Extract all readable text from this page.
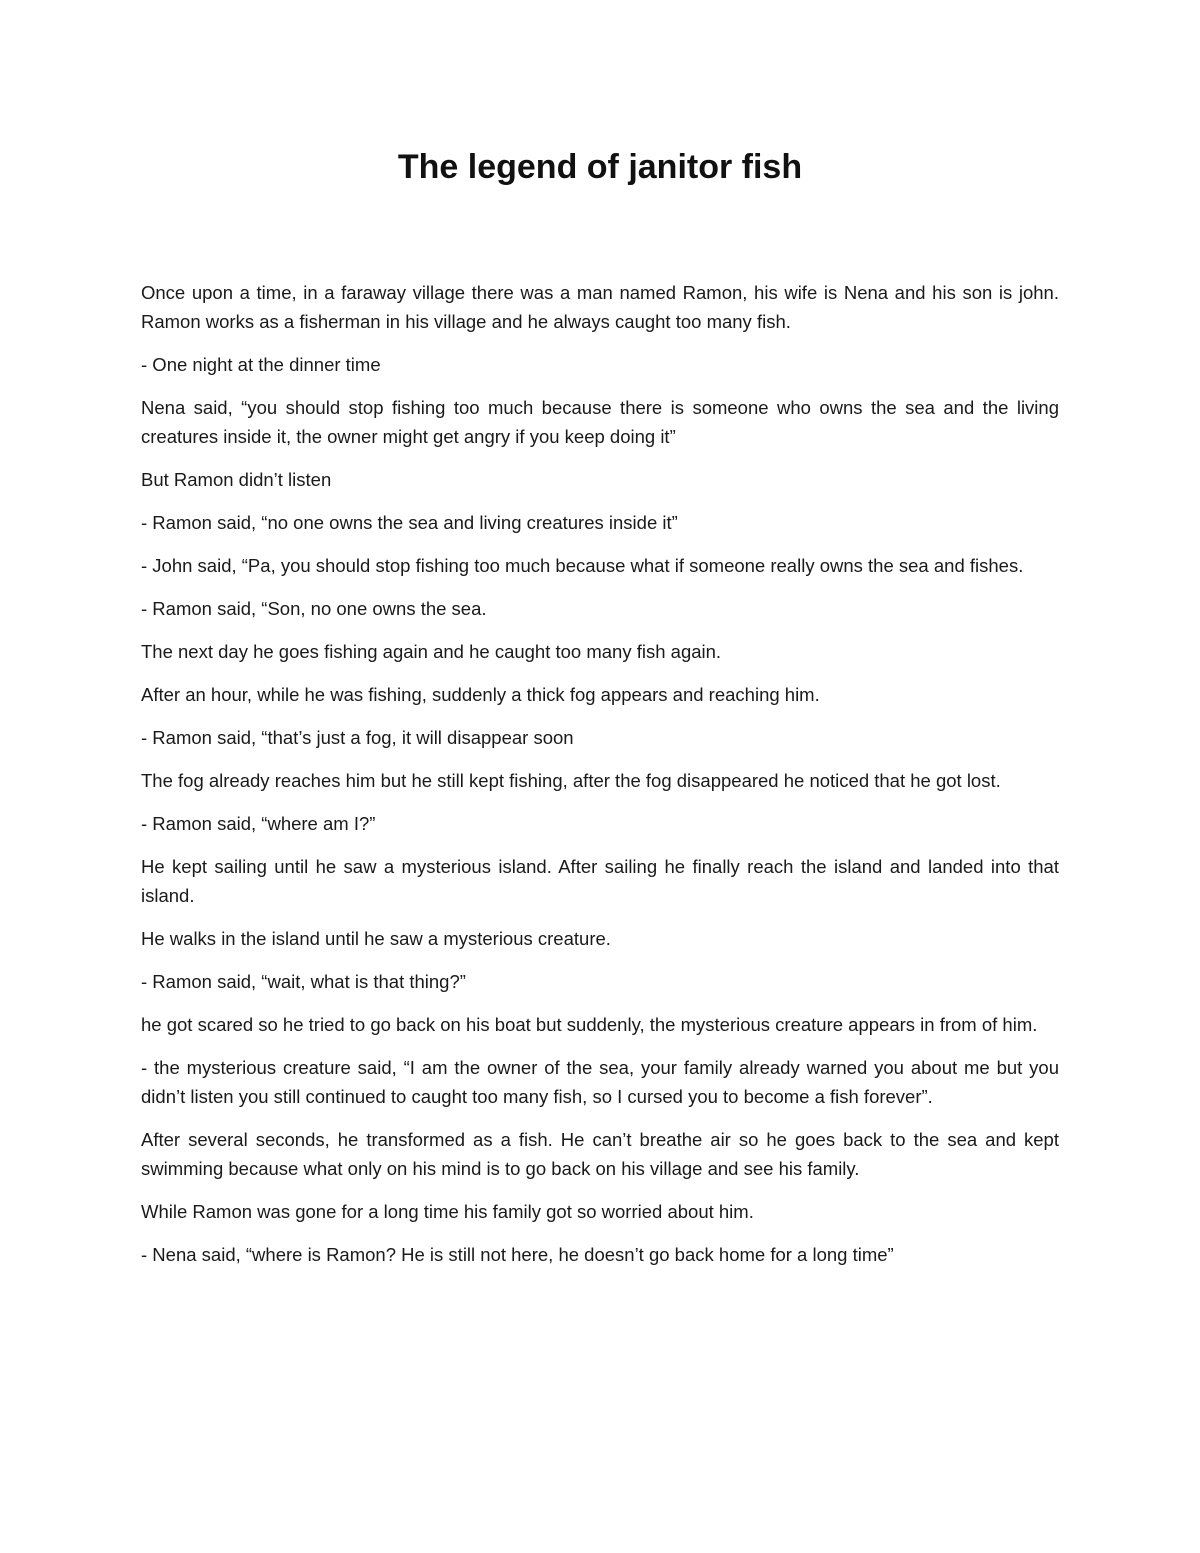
The legend of janitor fish

Once upon a time, in a faraway village there was a man named Ramon, his wife is Nena and his son is john. Ramon works as a fisherman in his village and he always caught too many fish.

- One night at the dinner time

Nena said, “you should stop fishing too much because there is someone who owns the sea and the living creatures inside it, the owner might get angry if you keep doing it”

But Ramon didn’t listen

- Ramon said, “no one owns the sea and living creatures inside it”

- John said, “Pa, you should stop fishing too much because what if someone really owns the sea and fishes.

- Ramon said, “Son, no one owns the sea.

The next day he goes fishing again and he caught too many fish again.

After an hour, while he was fishing, suddenly a thick fog appears and reaching him.

- Ramon said, “that’s just a fog, it will disappear soon

The fog already reaches him but he still kept fishing, after the fog disappeared he noticed that he got lost.

- Ramon said, “where am I?”

He kept sailing until he saw a mysterious island. After sailing he finally reach the island and landed into that island.

He walks in the island until he saw a mysterious creature.

- Ramon said, “wait, what is that thing?”

he got scared so he tried to go back on his boat but suddenly, the mysterious creature appears in from of him.

- the mysterious creature said, “I am the owner of the sea, your family already warned you about me but you didn’t listen you still continued to caught too many fish, so I cursed you to become a fish forever”.

After several seconds, he transformed as a fish. He can’t breathe air so he goes back to the sea and kept swimming because what only on his mind is to go back on his village and see his family.

While Ramon was gone for a long time his family got so worried about him.

- Nena said, “where is Ramon? He is still not here, he doesn’t go back home for a long time”
